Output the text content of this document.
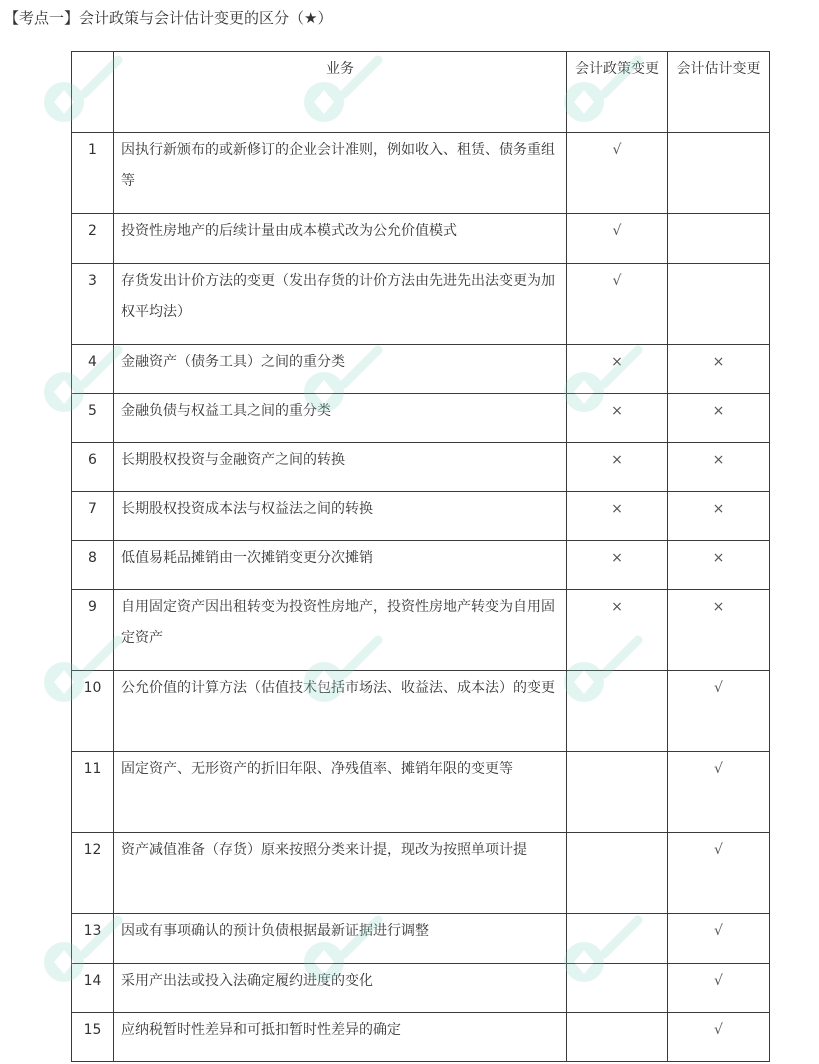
【考点一】会计政策与会计估计变更的区分（★）
	业务	会计政策变更	会计估计变更
1	因执行新颁布的或新修订的企业会计准则，例如收入、租赁、债务重组等	√	
2	投资性房地产的后续计量由成本模式改为公允价值模式	√	
3	存货发出计价方法的变更（发出存货的计价方法由先进先出法变更为加权平均法）	√	
4	金融资产（债务工具）之间的重分类	×	×
5	金融负债与权益工具之间的重分类	×	×
6	长期股权投资与金融资产之间的转换	×	×
7	长期股权投资成本法与权益法之间的转换	×	×
8	低值易耗品摊销由一次摊销变更分次摊销	×	×
9	自用固定资产因出租转变为投资性房地产，投资性房地产转变为自用固定资产	×	×
10	公允价值的计算方法（估值技术包括市场法、收益法、成本法）的变更		√
11	固定资产、无形资产的折旧年限、净残值率、摊销年限的变更等		√
12	资产减值准备（存货）原来按照分类来计提，现改为按照单项计提		√
13	因或有事项确认的预计负债根据最新证据进行调整		√
14	采用产出法或投入法确定履约进度的变化		√
15	应纳税暂时性差异和可抵扣暂时性差异的确定		√
